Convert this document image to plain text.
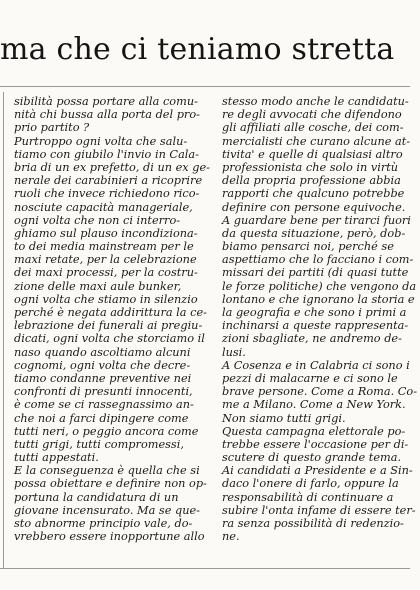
ma che ci teniamo stretta
sibilità possa portare alla comu-
nità chi bussa alla porta del pro-
prio partito ?
Purtroppo ogni volta che salu-
tiamo con giubilo l'invio in Cala-
bria di un ex prefetto, di un ex ge-
nerale dei carabinieri a ricoprire
ruoli che invece richiedono rico-
nosciute capacità manageriale,
ogni volta che non ci interro-
ghiamo sul plauso incondiziona-
to dei media mainstream per le
maxi retate, per la celebrazione
dei maxi processi, per la costru-
zione delle maxi aule bunker,
ogni volta che stiamo in silenzio
perché è negata addirittura la ce-
lebrazione dei funerali ai pregiu-
dicati, ogni volta che storciamo il
naso quando ascoltiamo alcuni
cognomi, ogni volta che decre-
tiamo condanne preventive nei
confronti di presunti innocenti,
è come se ci rassegnassimo an-
che noi a farci dipingere come
tutti neri, o peggio ancora come
tutti grigi, tutti compromessi,
tutti appestati.
E la conseguenza è quella che si
possa obiettare e definire non op-
portuna la candidatura di un
giovane incensurato. Ma se que-
sto abnorme principio vale, do-
vrebbero essere inopportune allo
stesso modo anche le candidatu-
re degli avvocati che difendono
gli affiliati alle cosche, dei com-
mercialisti che curano alcune at-
tivita' e quelle di qualsiasi altro
professionista che solo in virtù
della propria professione abbia
rapporti che qualcuno potrebbe
definire con persone equivoche.
A guardare bene per tirarci fuori
da questa situazione, però, dob-
biamo pensarci noi, perché se
aspettiamo che lo facciano i com-
missari dei partiti (di quasi tutte
le forze politiche) che vengono da
lontano e che ignorano la storia e
la geografia e che sono i primi a
inchinarsi a queste rappresenta-
zioni sbagliate, ne andremo de-
lusi.
A Cosenza e in Calabria ci sono i
pezzi di malacarne e ci sono le
brave persone. Come a Roma. Co-
me a Milano. Come a New York.
Non siamo tutti grigi.
Questa campagna elettorale po-
trebbe essere l'occasione per di-
scutere di questo grande tema.
Ai candidati a Presidente e a Sin-
daco l'onere di farlo, oppure la
responsabilità di continuare a
subire l'onta infame di essere ter-
ra senza possibilità di redenzio-
ne.
